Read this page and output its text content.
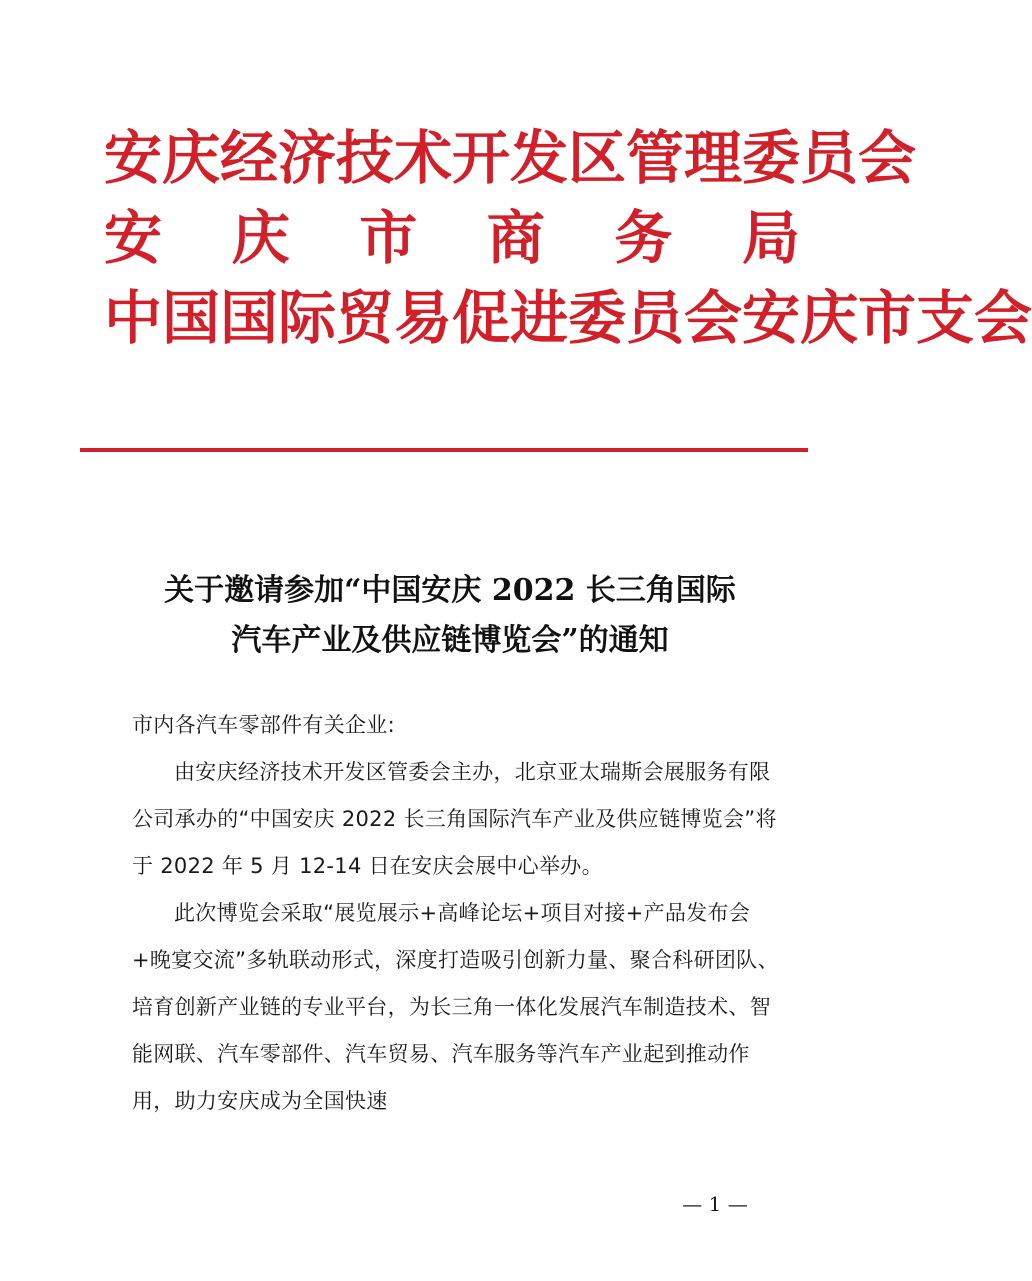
安庆经济技术开发区管理委员会
安 庆 市 商 务 局
中国国际贸易促进委员会安庆市支会
关于邀请参加“中国安庆 2022 长三角国际
汽车产业及供应链博览会”的通知

市内各汽车零部件有关企业:

由安庆经济技术开发区管委会主办，北京亚太瑞斯会展服务有限公司承办的“中国安庆 2022 长三角国际汽车产业及供应链博览会”将于 2022 年 5 月 12-14 日在安庆会展中心举办。

此次博览会采取“展览展示+高峰论坛+项目对接+产品发布会+晚宴交流”多轨联动形式，深度打造吸引创新力量、聚合科研团队、培育创新产业链的专业平台，为长三角一体化发展汽车制造技术、智能网联、汽车零部件、汽车贸易、汽车服务等汽车产业起到推动作用，助力安庆成为全国快速

— 1 —
